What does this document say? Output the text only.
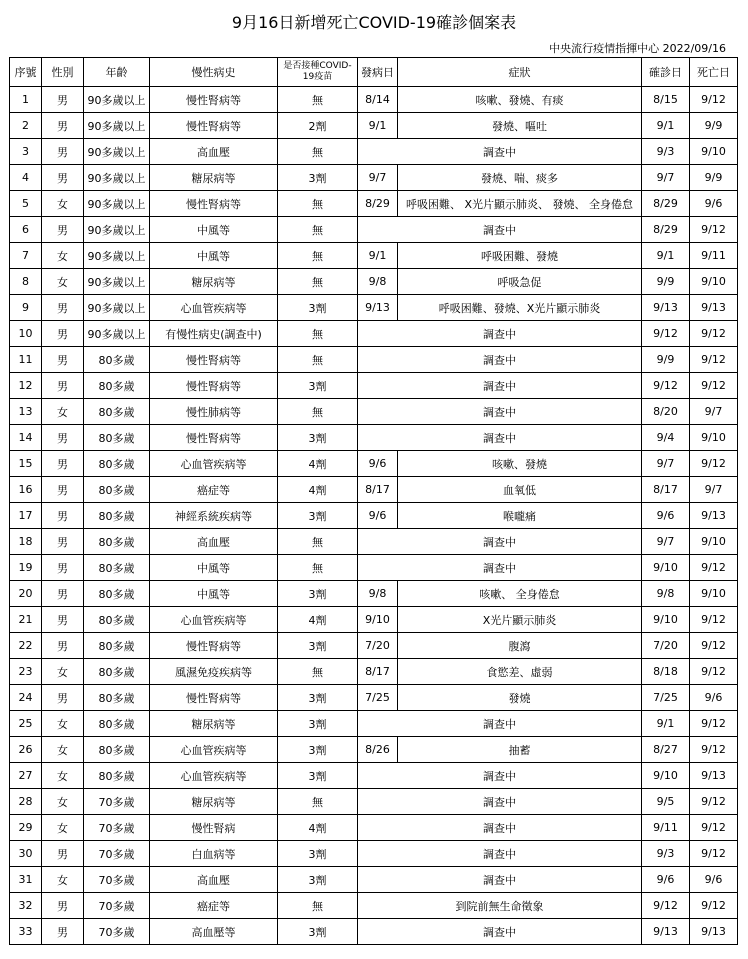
9月16日新增死亡COVID-19確診個案表
中央流行疫情指揮中心 2022/09/16
序號	性別	年齡	慢性病史	是否接種COVID-19疫苗	發病日	症狀	確診日	死亡日
1	男	90多歲以上	慢性腎病等	無	8/14	咳嗽、發燒、有痰	8/15	9/12
2	男	90多歲以上	慢性腎病等	2劑	9/1	發燒、嘔吐	9/1	9/9
3	男	90多歲以上	高血壓	無	調查中		9/3	9/10
4	男	90多歲以上	糖尿病等	3劑	9/7	發燒、喘、痰多	9/7	9/9
5	女	90多歲以上	慢性腎病等	無	8/29	呼吸困難、 X光片顯示肺炎、 發燒、 全身倦怠	8/29	9/6
6	男	90多歲以上	中風等	無	調查中		8/29	9/12
7	女	90多歲以上	中風等	無	9/1	呼吸困難、發燒	9/1	9/11
8	女	90多歲以上	糖尿病等	無	9/8	呼吸急促	9/9	9/10
9	男	90多歲以上	心血管疾病等	3劑	9/13	呼吸困難、發燒、X光片顯示肺炎	9/13	9/13
10	男	90多歲以上	有慢性病史(調查中)	無	調查中		9/12	9/12
11	男	80多歲	慢性腎病等	無	調查中		9/9	9/12
12	男	80多歲	慢性腎病等	3劑	調查中		9/12	9/12
13	女	80多歲	慢性肺病等	無	調查中		8/20	9/7
14	男	80多歲	慢性腎病等	3劑	調查中		9/4	9/10
15	男	80多歲	心血管疾病等	4劑	9/6	咳嗽、發燒	9/7	9/12
16	男	80多歲	癌症等	4劑	8/17	血氧低	8/17	9/7
17	男	80多歲	神經系統疾病等	3劑	9/6	喉嚨痛	9/6	9/13
18	男	80多歲	高血壓	無	調查中		9/7	9/10
19	男	80多歲	中風等	無	調查中		9/10	9/12
20	男	80多歲	中風等	3劑	9/8	咳嗽、 全身倦怠	9/8	9/10
21	男	80多歲	心血管疾病等	4劑	9/10	X光片顯示肺炎	9/10	9/12
22	男	80多歲	慢性腎病等	3劑	7/20	腹瀉	7/20	9/12
23	女	80多歲	風濕免疫疾病等	無	8/17	食慾差、虛弱	8/18	9/12
24	男	80多歲	慢性腎病等	3劑	7/25	發燒	7/25	9/6
25	女	80多歲	糖尿病等	3劑	調查中		9/1	9/12
26	女	80多歲	心血管疾病等	3劑	8/26	抽蓄	8/27	9/12
27	女	80多歲	心血管疾病等	3劑	調查中		9/10	9/13
28	女	70多歲	糖尿病等	無	調查中		9/5	9/12
29	女	70多歲	慢性腎病	4劑	調查中		9/11	9/12
30	男	70多歲	白血病等	3劑	調查中		9/3	9/12
31	女	70多歲	高血壓	3劑	調查中		9/6	9/6
32	男	70多歲	癌症等	無	到院前無生命徵象		9/12	9/12
33	男	70多歲	高血壓等	3劑	調查中		9/13	9/13
